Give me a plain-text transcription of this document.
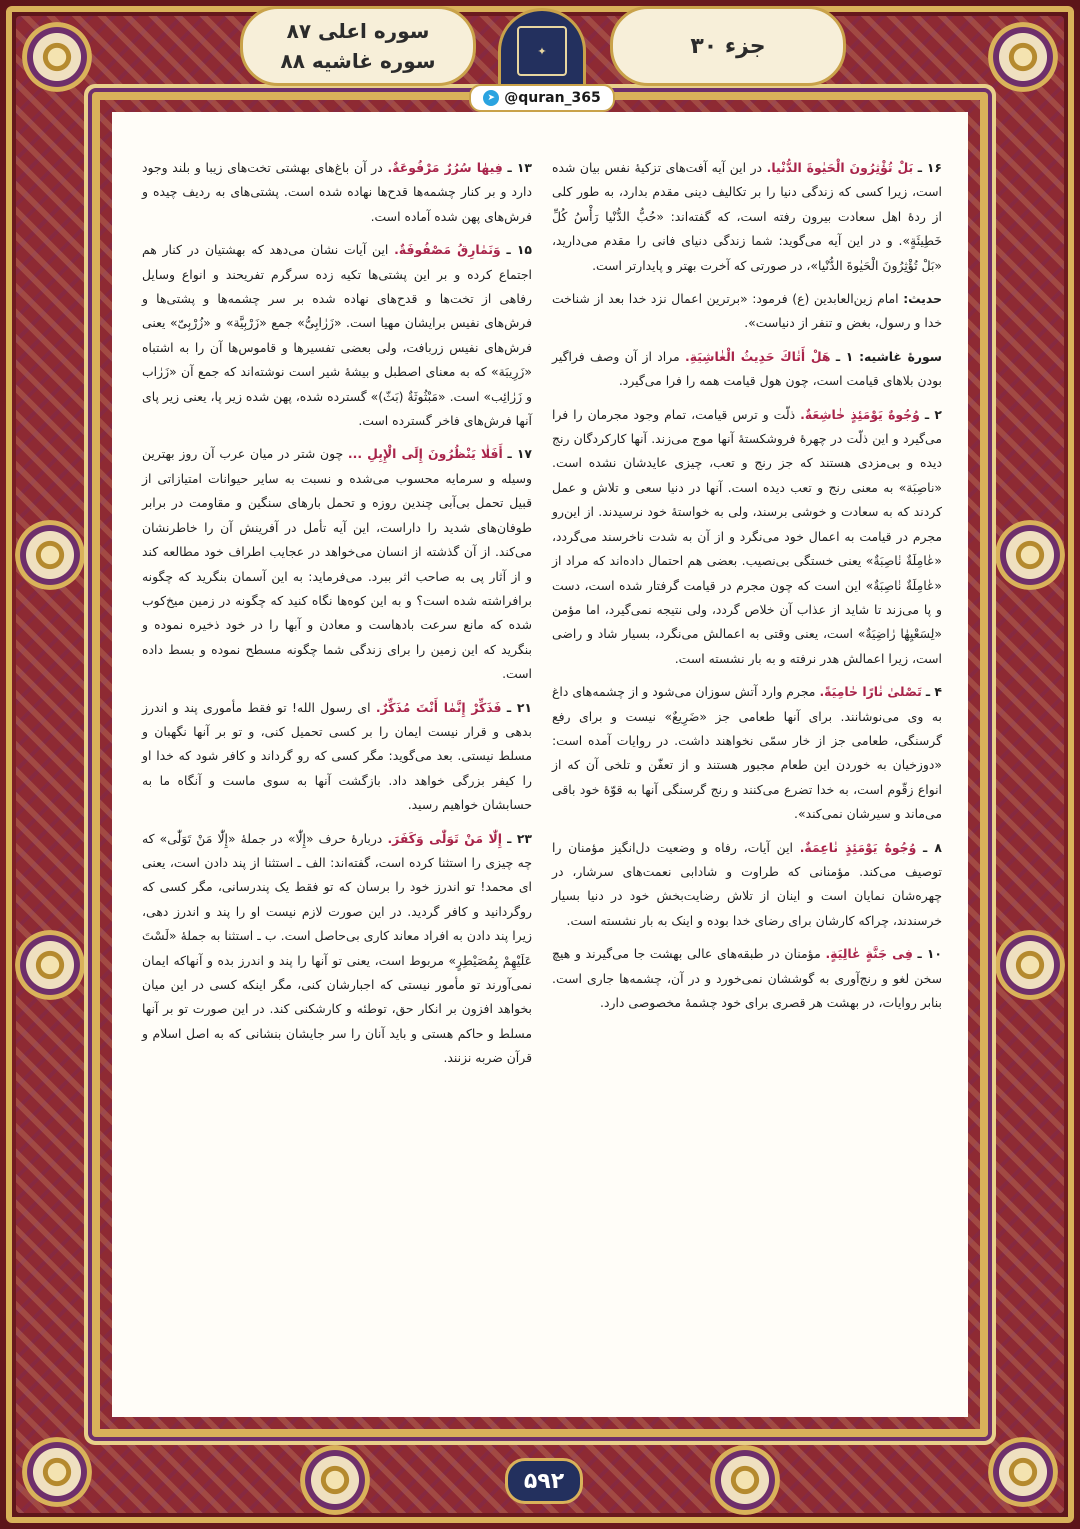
جزء ۳۰
✦
سوره اعلی ۸۷
سوره غاشیه ۸۸
➤ @quran_365
۱۶ ـ بَلْ تُؤْثِرُونَ الْحَيٰوةَ الدُّنْيا. در این آیه آفت‌های تزکیهٔ نفس بیان شده است، زیرا کسی که زندگی دنیا را بر تکالیف دینی مقدم بدارد، به طور کلی از ردهٔ اهل سعادت بیرون رفته است، که گفته‌اند: «حُبُّ الدُّنْيا رَأْسُ كُلِّ خَطِيئَةٍ». و در این آیه می‌گوید: شما زندگی دنیای فانی را مقدم می‌دارید، «بَلْ تُؤْثِرُونَ الْحَيٰوةَ الدُّنْيا»، در صورتی که آخرت بهتر و پایدارتر است.
حدیث: امام زین‌العابدین (ع) فرمود: «برترین اعمال نزد خدا بعد از شناخت خدا و رسول، بغض و تنفر از دنیاست».
سورهٔ غاشیه: ۱ ـ هَلْ أَتٰاكَ حَدِيثُ الْغٰاشِيَةِ. مراد از آن وصف فراگیر بودن بلاهای قیامت است، چون هول قیامت همه را فرا می‌گیرد.
۲ ـ وُجُوهٌ يَوْمَئِذٍ خٰاشِعَةٌ. ذلّت و ترس قیامت، تمام وجود مجرمان را فرا می‌گیرد و این ذلّت در چهرهٔ فروشکستهٔ آنها موج می‌زند. آنها کارکردگان رنج دیده و بی‌مزدی هستند که جز رنج و تعب، چیزی عایدشان نشده است. «ناصِبَة» به معنی رنج و تعب دیده است. آنها در دنیا سعی و تلاش و عمل کردند که به سعادت و خوشی برسند، ولی به خواستهٔ خود نرسیدند. از این‌رو مجرم در قیامت به اعمال خود می‌نگرد و از آن به شدت ناخرسند می‌گردد، «عٰامِلَةٌ نٰاصِبَةٌ» یعنی خستگی بی‌نصیب. بعضی هم احتمال داده‌اند که مراد از «عٰامِلَةٌ نٰاصِبَةٌ» این است که چون مجرم در قیامت گرفتار شده است، دست و پا می‌زند تا شاید از عذاب آن خلاص گردد، ولی نتیجه نمی‌گیرد، اما مؤمن «لِسَعْيِهٰا رٰاضِيَةٌ» است، یعنی وقتی به اعمالش می‌نگرد، بسیار شاد و راضی است، زیرا اعمالش هدر نرفته و به بار نشسته است.
۴ ـ تَصْلىٰ نٰارًا حٰامِيَةً. مجرم وارد آتش سوزان می‌شود و از چشمه‌های داغ به وی می‌نوشانند. برای آنها طعامی جز «ضَرِيعٌ» نیست و برای رفع گرسنگی، طعامی جز از خار سمّی نخواهند داشت. در روایات آمده است: «دوزخیان به خوردن این طعام مجبور هستند و از تعفّن و تلخی آن که از انواع زقّوم است، به خدا تضرع می‌کنند و رنج گرسنگی آنها به قوّهٔ خود باقی می‌ماند و سیرشان نمی‌کند».
۸ ـ وُجُوهٌ يَوْمَئِذٍ نٰاعِمَةٌ. این آیات، رفاه و وضعیت دل‌انگیز مؤمنان را توصیف می‌کند. مؤمنانی که طراوت و شادابی نعمت‌های سرشار، در چهره‌شان نمایان است و اینان از تلاش رضایت‌بخش خود در دنیا بسیار خرسندند، چراکه کارشان برای رضای خدا بوده و اینک به بار نشسته است.
۱۰ ـ فِى جَنَّةٍ عٰالِيَةٍ. مؤمنان در طبقه‌های عالی بهشت جا می‌گیرند و هیچ سخن لغو و رنج‌آوری به گوششان نمی‌خورد و در آن، چشمه‌ها جاری است. بنابر روایات، در بهشت هر قصری برای خود چشمهٔ مخصوصی دارد.
۱۳ ـ فِيهٰا سُرُرٌ مَرْفُوعَةٌ. در آن باغ‌های بهشتی تخت‌های زیبا و بلند وجود دارد و بر کنار چشمه‌ها قدح‌ها نهاده شده است. پشتی‌های به ردیف چیده و فرش‌های پهن شده آماده است.
۱۵ ـ وَنَمٰارِقُ مَصْفُوفَةٌ. این آیات نشان می‌دهد که بهشتیان در کنار هم اجتماع کرده و بر این پشتی‌ها تکیه زده سرگرم تفریحند و انواع وسایل رفاهی از تخت‌ها و قدح‌های نهاده شده بر سر چشمه‌ها و پشتی‌ها و فرش‌های نفیس برایشان مهیا است. «زَرٰابِىُّ» جمع «زَرْبِيَّة» و «زُرْبِىّ» یعنی فرش‌های نفیس زربافت، ولی بعضی تفسیرها و قاموس‌ها آن را به اشتباه «زَرِيبَة» که به معنای اصطبل و بیشهٔ شیر است نوشته‌اند که جمع آن «زَرٰاب و زَرٰائِب» است. «مَبْثُوثَةٌ (بَثّ)» گسترده شده، پهن شده زیر پا، یعنی زیر پای آنها فرش‌های فاخر گسترده است.
۱۷ ـ أَفَلٰا يَنْظُرُونَ إِلَى الْإِبِلِ ... چون شتر در میان عرب آن روز بهترین وسیله و سرمایه محسوب می‌شده و نسبت به سایر حیوانات امتیازاتی از قبیل تحمل بی‌آبی چندین روزه و تحمل بارهای سنگین و مقاومت در برابر طوفان‌های شدید را داراست، این آیه تأمل در آفرینش آن را خاطرنشان می‌کند. از آن گذشته از انسان می‌خواهد در عجایب اطراف خود مطالعه کند و از آثار پی به صاحب اثر ببرد. می‌فرماید: به این آسمان بنگرید که چگونه برافراشته شده است؟ و به این کوه‌ها نگاه کنید که چگونه در زمین میخ‌کوب شده که مانع سرعت بادهاست و معادن و آبها را در خود ذخیره نموده و بنگرید که این زمین را برای زندگی شما چگونه مسطح نموده و بسط داده است.
۲۱ ـ فَذَكِّرْ إِنَّمٰا أَنْتَ مُذَكِّرٌ. ای رسول الله! تو فقط مأموری پند و اندرز بدهی و قرار نیست ایمان را بر کسی تحمیل کنی، و تو بر آنها نگهبان و مسلط نیستی. بعد می‌گوید: مگر کسی که رو گرداند و کافر شود که خدا او را کیفر بزرگی خواهد داد. بازگشت آنها به سوی ماست و آنگاه ما به حسابشان خواهیم رسید.
۲۳ ـ إِلّٰا مَنْ تَوَلّٰى وَكَفَرَ. دربارهٔ حرف «إِلّٰا» در جملهٔ «إِلّٰا مَنْ تَوَلّٰى» که چه چیزی را استثنا کرده است، گفته‌اند: الف ـ استثنا از پند دادن است، یعنی ای محمد! تو اندرز خود را برسان که تو فقط یک پندرسانی، مگر کسی که روگردانید و کافر گردید. در این صورت لازم نیست او را پند و اندرز دهی، زیرا پند دادن به افراد معاند کاری بی‌حاصل است. ب ـ استثنا به جملهٔ «لَسْتَ عَلَيْهِمْ بِمُصَيْطِرٍ» مربوط است، یعنی تو آنها را پند و اندرز بده و آنهاکه ایمان نمی‌آورند تو مأمور نیستی که اجبارشان کنی، مگر اینکه کسی در این میان بخواهد افزون بر انکار حق، توطئه و کارشکنی کند. در این صورت تو بر آنها مسلط و حاکم هستی و باید آنان را سر جایشان بنشانی که به اصل اسلام و قرآن ضربه نزنند.
۵۹۲
